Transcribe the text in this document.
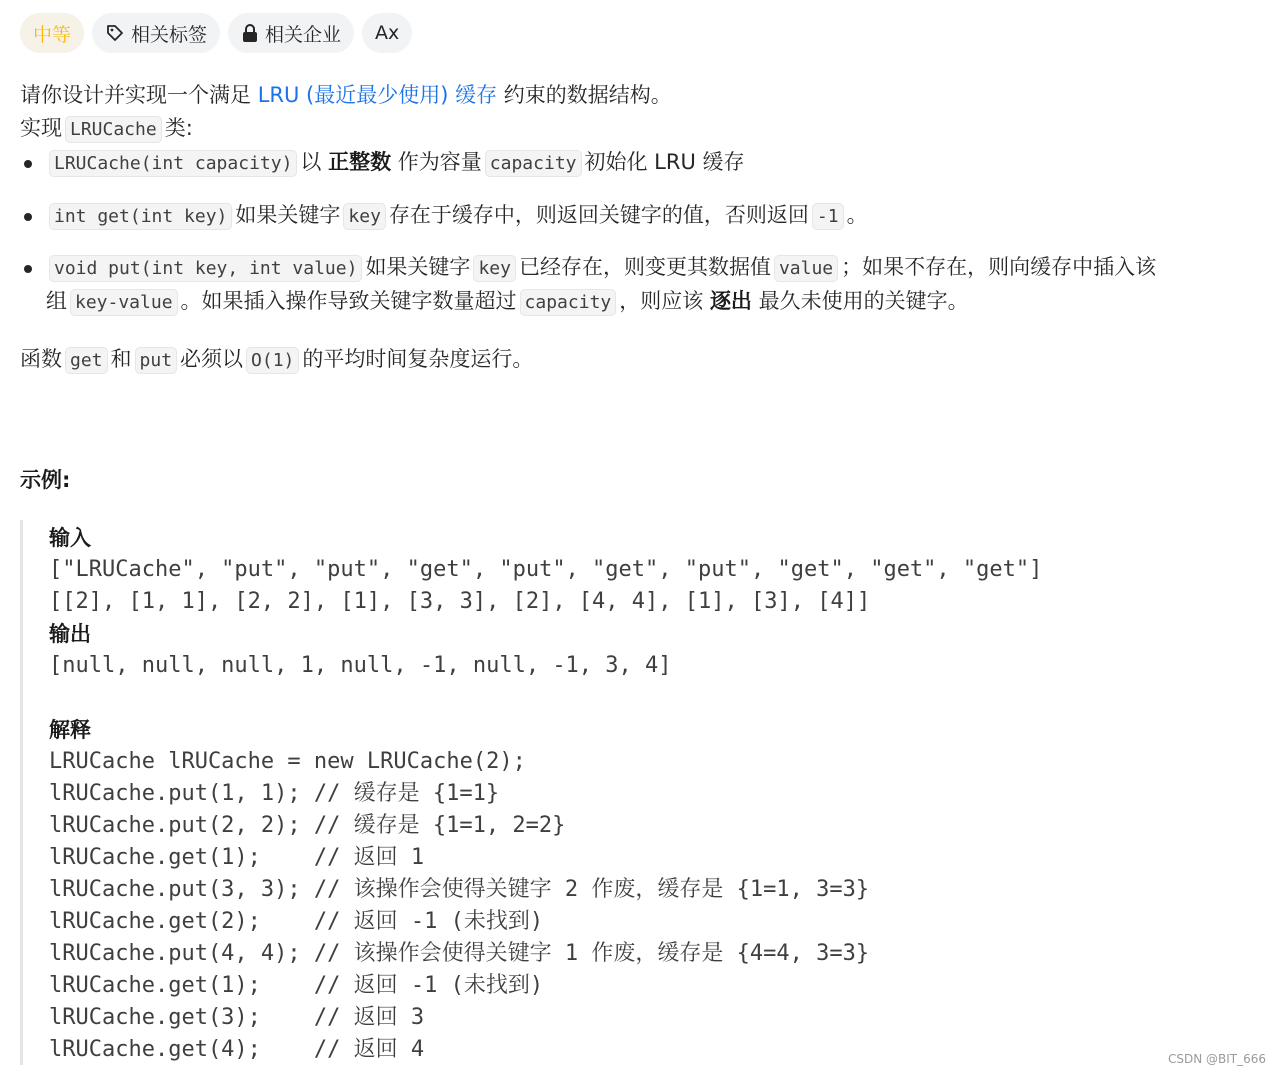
中等	相关标签	相关企业 Ax
请你设计并实现一个满足 LRU (最近最少使用) 缓存 约束的数据结构。
实现 LRUCache 类:
LRUCache(int capacity) 以 正整数 作为容量 capacity 初始化 LRU 缓存
int get(int key) 如果关键字 key 存在于缓存中，则返回关键字的值，否则返回 -1 。
void put(int key, int value) 如果关键字 key 已经存在，则变更其数据值 value ；如果不存在，则向缓存中插入该
组 key-value 。如果插入操作导致关键字数量超过 capacity ，则应该 逐出 最久未使用的关键字。
函数 get 和 put 必须以 O(1) 的平均时间复杂度运行。
示例:
输入
["LRUCache", "put", "put", "get", "put", "get", "put", "get", "get", "get"]
[[2], [1, 1], [2, 2], [1], [3, 3], [2], [4, 4], [1], [3], [4]]
输出
[null, null, null, 1, null, -1, null, -1, 3, 4]
解释
LRUCache lRUCache = new LRUCache(2);
lRUCache.put(1, 1); // 缓存是 {1=1}
lRUCache.put(2, 2); // 缓存是 {1=1, 2=2}
lRUCache.get(1);    // 返回 1
lRUCache.put(3, 3); // 该操作会使得关键字 2 作废，缓存是 {1=1, 3=3}
lRUCache.get(2);    // 返回 -1 (未找到)
lRUCache.put(4, 4); // 该操作会使得关键字 1 作废，缓存是 {4=4, 3=3}
lRUCache.get(1);    // 返回 -1 (未找到)
lRUCache.get(3);    // 返回 3
lRUCache.get(4);    // 返回 4	CSDN @BIT_666
